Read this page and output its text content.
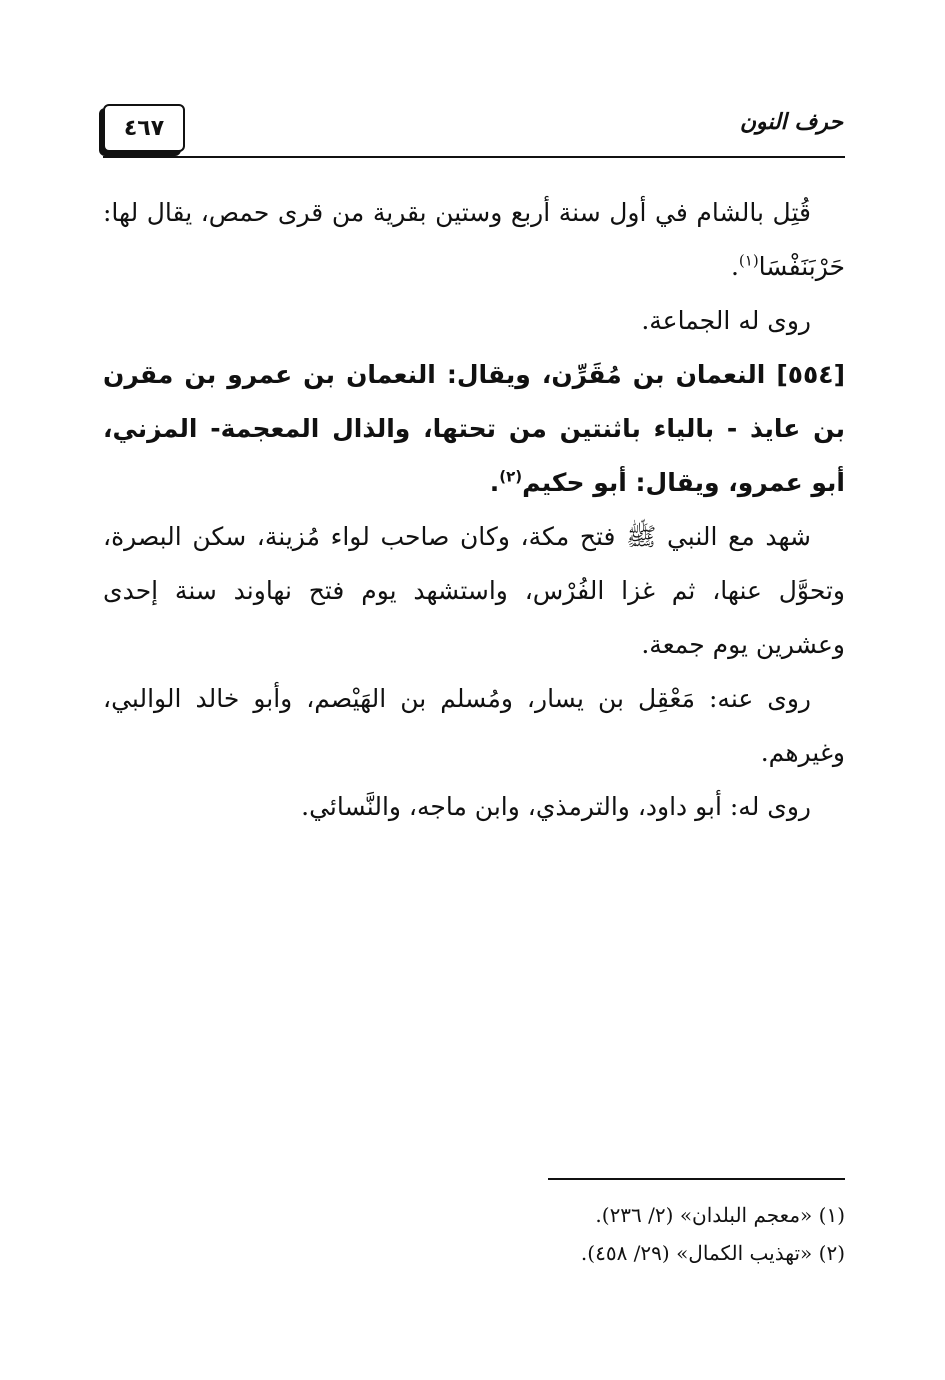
٤٦٧	حرف النون

قُتِل بالشام في أول سنة أربع وستين بقرية من قرى حمص، يقال لها: حَرْبَنَفْسَا$^{(١)}$.

روى له الجماعة.

[٥٥٤] النعمان بن مُقَرِّن، ويقال: النعمان بن عمرو بن مقرن بن عايذ - بالياء باثنتين من تحتها، والذال المعجمة- المزني، أبو عمرو، ويقال: أبو حكيم$^{(٢)}$.

شهد مع النبي ﷺ فتح مكة، وكان صاحب لواء مُزينة، سكن البصرة، وتحوَّل عنها، ثم غزا الفُرْس، واستشهد يوم فتح نهاوند سنة إحدى وعشرين يوم جمعة.

روى عنه: مَعْقِل بن يسار، ومُسلم بن الهَيْصم، وأبو خالد الوالبي، وغيرهم.

روى له: أبو داود، والترمذي، وابن ماجه، والنَّسائي.

(١) «معجم البلدان» (٢/ ٢٣٦).

(٢) «تهذيب الكمال» (٢٩/ ٤٥٨).
